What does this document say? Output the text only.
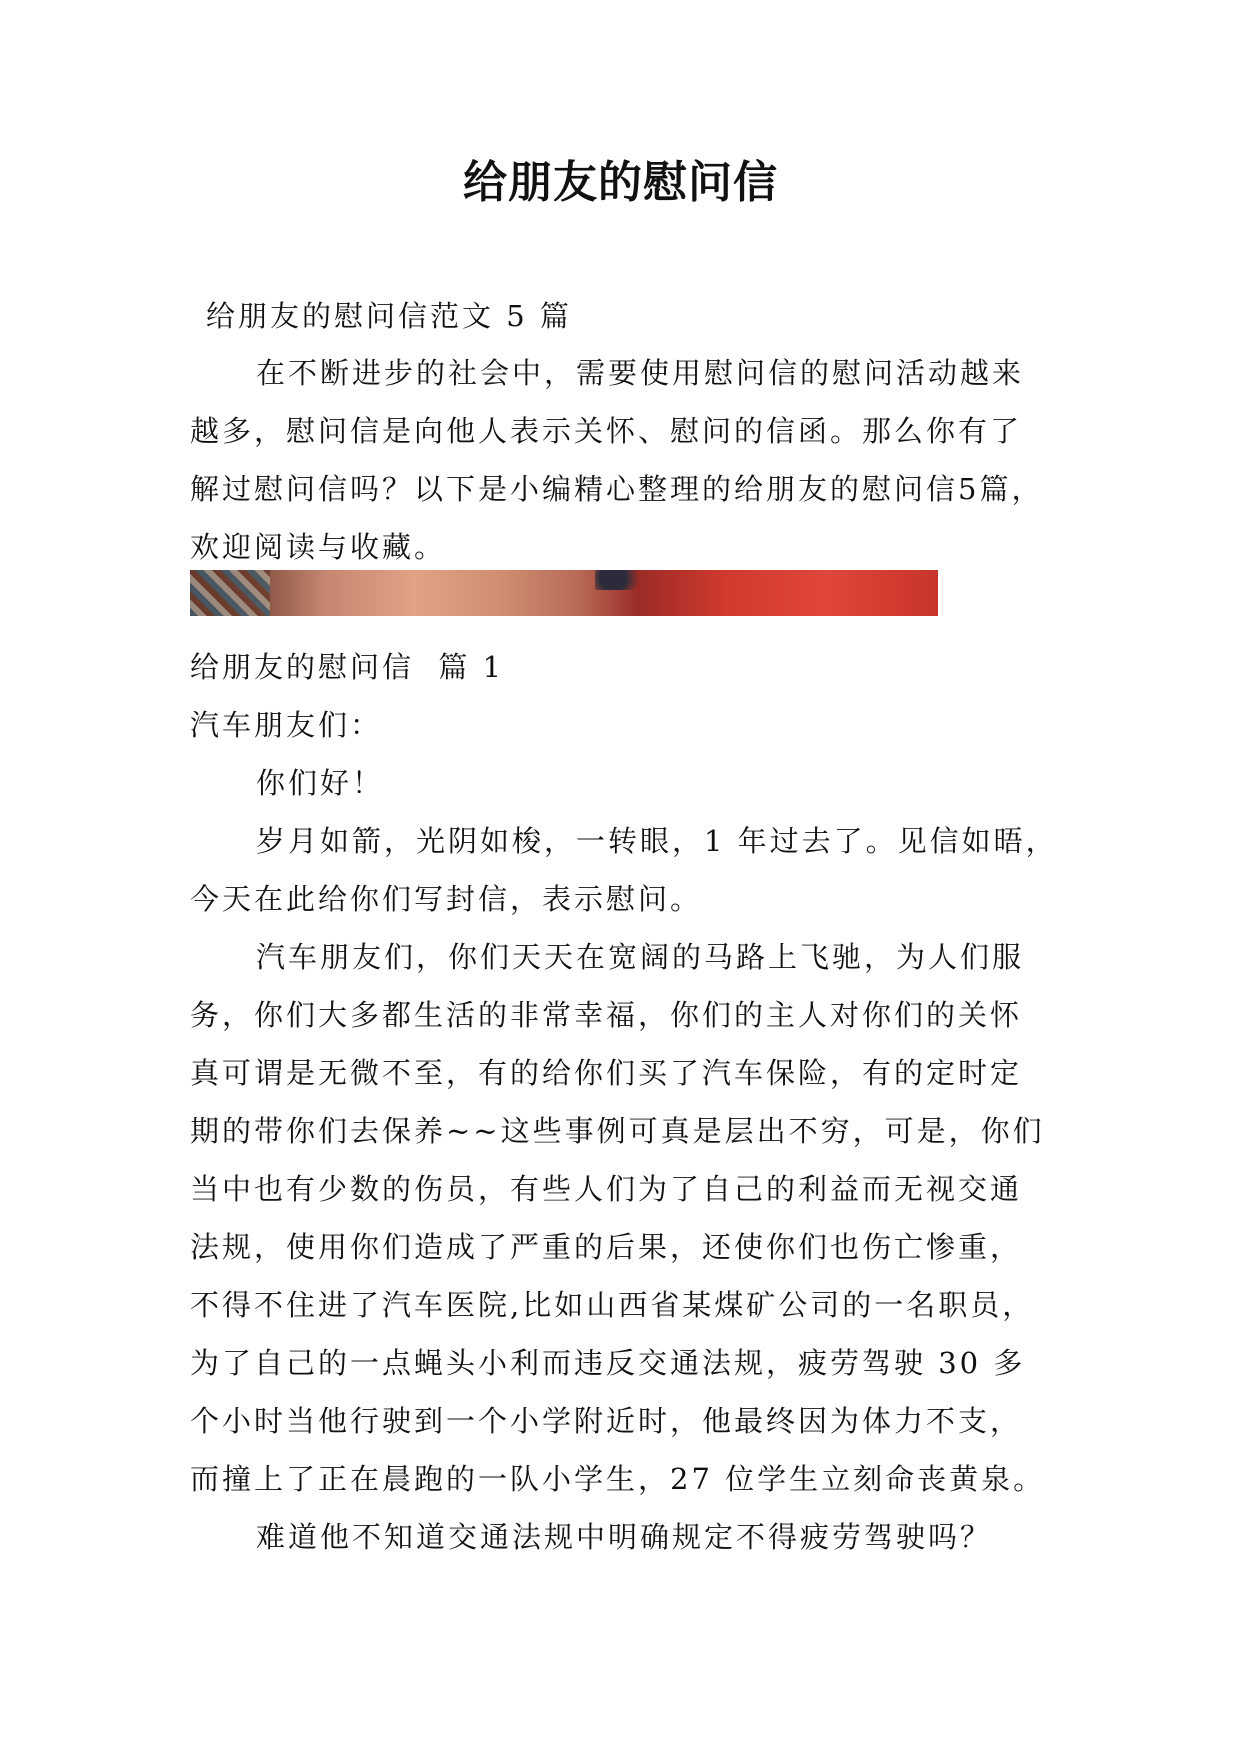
给朋友的慰问信
给朋友的慰问信范文 5 篇

在不断进步的社会中，需要使用慰问信的慰问活动越来

越多，慰问信是向他人表示关怀、慰问的信函。那么你有了

解过慰问信吗？以下是小编精心整理的给朋友的慰问信5篇，

欢迎阅读与收藏。

给朋友的慰问信  篇 1

汽车朋友们：

你们好！

岁月如箭，光阴如梭，一转眼，1 年过去了。见信如晤，

今天在此给你们写封信，表示慰问。

汽车朋友们，你们天天在宽阔的马路上飞驰，为人们服

务，你们大多都生活的非常幸福，你们的主人对你们的关怀

真可谓是无微不至，有的给你们买了汽车保险，有的定时定

期的带你们去保养~~这些事例可真是层出不穷，可是，你们

当中也有少数的伤员，有些人们为了自己的利益而无视交通

法规，使用你们造成了严重的后果，还使你们也伤亡惨重，

不得不住进了汽车医院,比如山西省某煤矿公司的一名职员，

为了自己的一点蝇头小利而违反交通法规，疲劳驾驶 30 多

个小时当他行驶到一个小学附近时，他最终因为体力不支，

而撞上了正在晨跑的一队小学生，27 位学生立刻命丧黄泉。

难道他不知道交通法规中明确规定不得疲劳驾驶吗？
